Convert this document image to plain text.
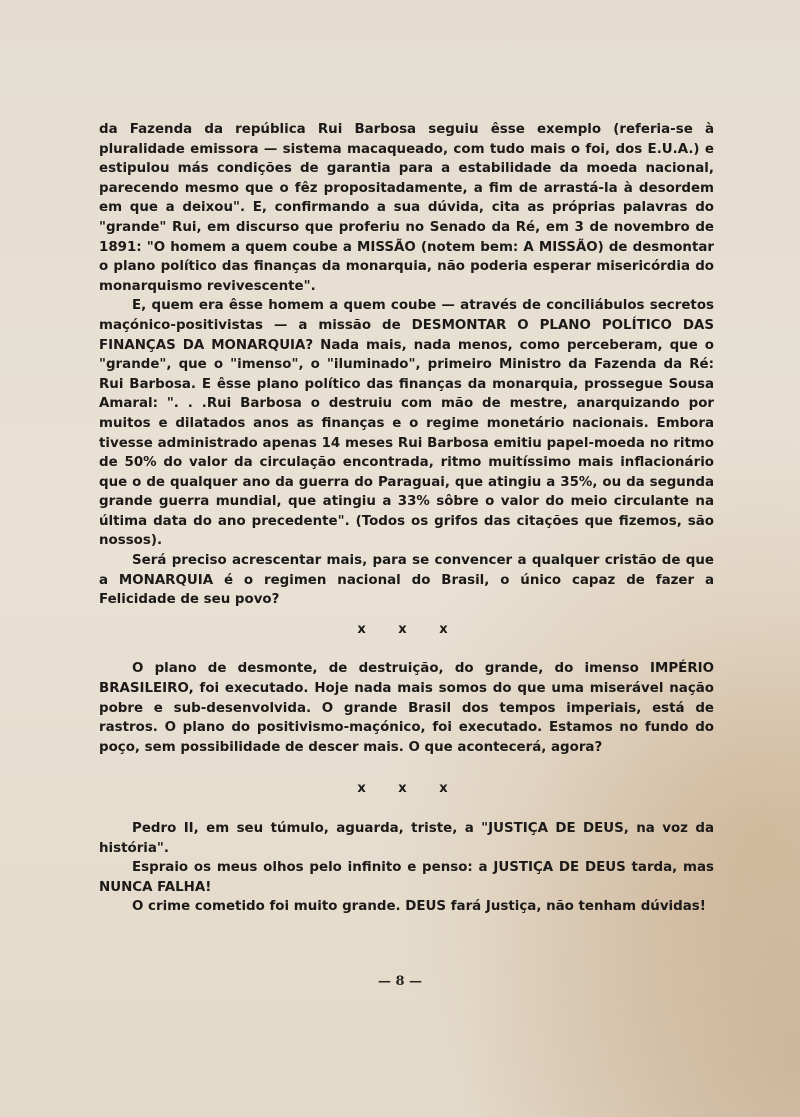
da Fazenda da república Rui Barbosa seguiu êsse exemplo (referia-se à pluralidade emissora — sistema macaqueado, com tudo mais o foi, dos E.U.A.) e estipulou más condições de garantia para a estabilidade da moeda nacional, parecendo mesmo que o fêz propositadamente, a fim de arrastá-la à desordem em que a deixou". E, confirmando a sua dúvida, cita as próprias palavras do "grande" Rui, em discurso que proferiu no Senado da Ré, em 3 de novembro de 1891: "O homem a quem coube a MISSÃO (notem bem: A MISSÃO) de desmontar o plano político das finanças da monarquia, não poderia esperar misericórdia do monarquismo revivescente".

E, quem era êsse homem a quem coube — através de conciliábulos secretos maçónico-positivistas — a missão de DESMONTAR O PLANO POLÍTICO DAS FINANÇAS DA MONARQUIA? Nada mais, nada menos, como perceberam, que o "grande", que o "imenso", o "iluminado", primeiro Ministro da Fazenda da Ré: Rui Barbosa. E êsse plano político das finanças da monarquia, prossegue Sousa Amaral: ". . .Rui Barbosa o destruiu com mão de mestre, anarquizando por muitos e dilatados anos as finanças e o regime monetário nacionais. Embora tivesse administrado apenas 14 meses Rui Barbosa emitiu papel-moeda no ritmo de 50% do valor da circulação encontrada, ritmo muitíssimo mais inflacionário que o de qualquer ano da guerra do Paraguai, que atingiu a 35%, ou da segunda grande guerra mundial, que atingiu a 33% sôbre o valor do meio circulante na última data do ano precedente". (Todos os grifos das citações que fizemos, são nossos).

Será preciso acrescentar mais, para se convencer a qualquer cristão de que a MONARQUIA é o regimen nacional do Brasil, o único capaz de fazer a Felicidade de seu povo?

x x x

O plano de desmonte, de destruição, do grande, do imenso IMPÉRIO BRASILEIRO, foi executado. Hoje nada mais somos do que uma miserável nação pobre e sub-desenvolvida. O grande Brasil dos tempos imperiais, está de rastros. O plano do positivismo-maçónico, foi executado. Estamos no fundo do poço, sem possibilidade de descer mais. O que acontecerá, agora?

x x x

Pedro II, em seu túmulo, aguarda, triste, a "JUSTIÇA DE DEUS, na voz da história".

Espraio os meus olhos pelo infinito e penso: a JUSTIÇA DE DEUS tarda, mas NUNCA FALHA!

O crime cometido foi muito grande. DEUS fará Justiça, não tenham dúvidas!

— 8 —
